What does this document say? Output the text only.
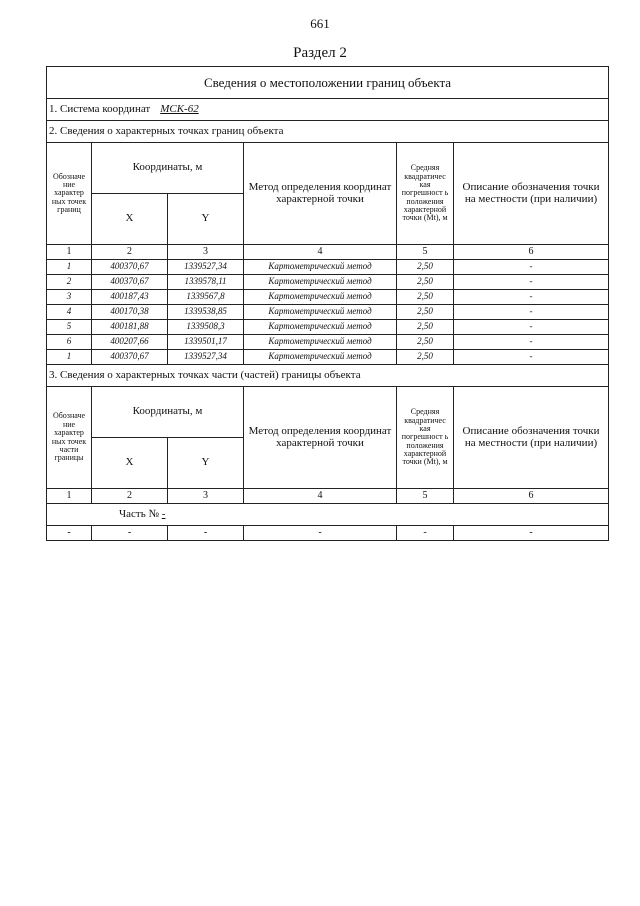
661
Раздел 2
Сведения о местоположении границ объекта					
1. Система координат МСК-62					
2. Сведения о характерных точках границ объекта					
Обозначе ние характер ных точек границ	Координаты, м		Метод определения координат характерной точки	Средняя квадратичес кая погрешност ь положения характерной точки (Mt), м	Описание обозначения точки на местности (при наличии)
	X	Y			
1	2	3	4	5	6
1	400370,67	1339527,34	Картометрический метод	2,50	-
2	400370,67	1339578,11	Картометрический метод	2,50	-
3	400187,43	1339567,8	Картометрический метод	2,50	-
4	400170,38	1339538,85	Картометрический метод	2,50	-
5	400181,88	1339508,3	Картометрический метод	2,50	-
6	400207,66	1339501,17	Картометрический метод	2,50	-
1	400370,67	1339527,34	Картометрический метод	2,50	-
3. Сведения о характерных точках части (частей) границы объекта					
Обозначе ние характер ных точек части границы	Координаты, м		Метод определения координат характерной точки	Средняя квадратичес кая погрешност ь положения характерной точки (Mt), м	Описание обозначения точки на местности (при наличии)
	X	Y			
1	2	3	4	5	6
Часть № -					
-	-	-	-	-	-
